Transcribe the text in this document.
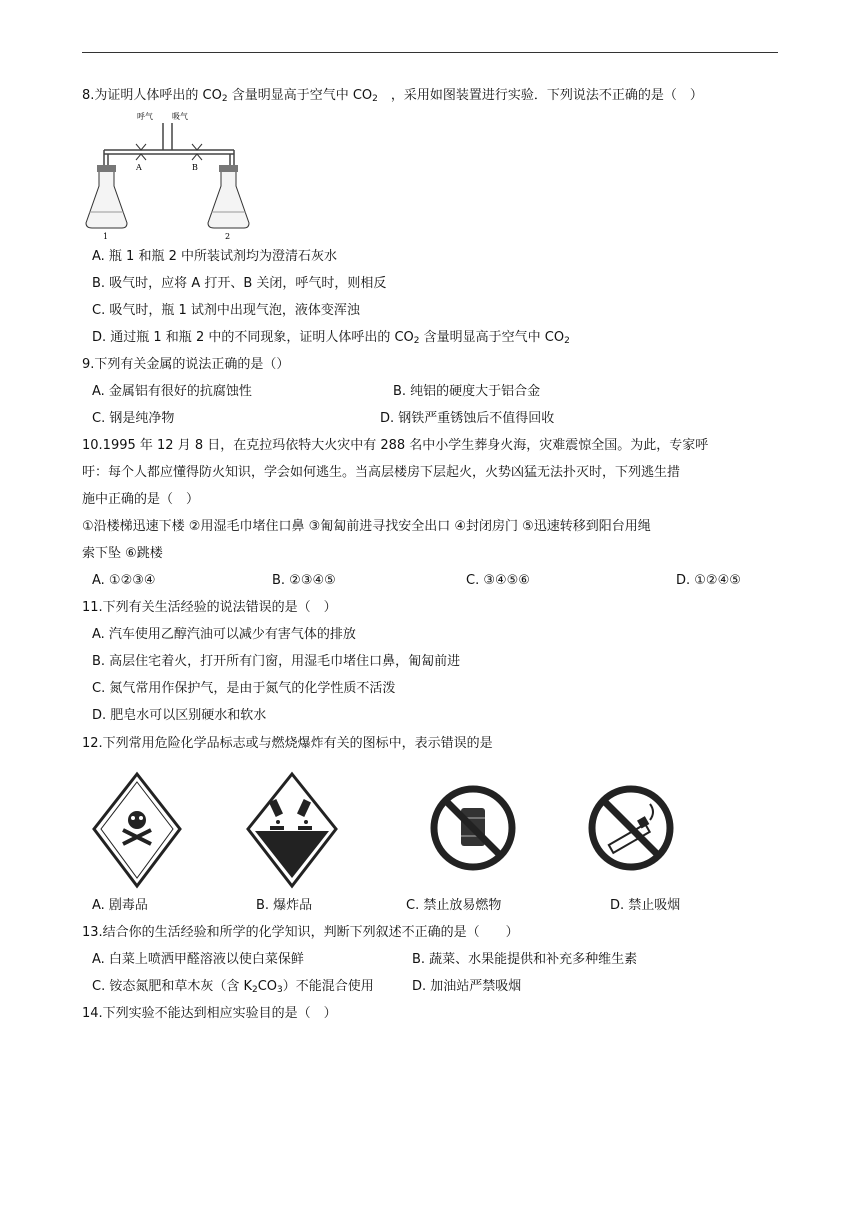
8.为证明人体呼出的 $CO_2$ 含量明显高于空气中 $CO_2$　，采用如图装置进行实验．下列说法不正确的是（　）
呼气 吸气
A	B
1	2
A. 瓶 1 和瓶 2 中所装试剂均为澄清石灰水
B. 吸气时，应将 A 打开、B 关闭，呼气时，则相反
C. 吸气时，瓶 1 试剂中出现气泡，液体变浑浊
D. 通过瓶 1 和瓶 2 中的不同现象，证明人体呼出的 $CO_2$ 含量明显高于空气中 $CO_2$
9.下列有关金属的说法正确的是（）
A. 金属铝有很好的抗腐蚀性	B. 纯铝的硬度大于铝合金
C. 钢是纯净物	D. 钢铁严重锈蚀后不值得回收
10.1995 年 12 月 8 日，在克拉玛依特大火灾中有 288 名中小学生葬身火海，灾难震惊全国。为此，专家呼
吁：每个人都应懂得防火知识，学会如何逃生。当高层楼房下层起火，火势凶猛无法扑灭时，下列逃生措
施中正确的是（　）
①沿楼梯迅速下楼 ②用湿毛巾堵住口鼻 ③匍匐前进寻找安全出口 ④封闭房门 ⑤迅速转移到阳台用绳
索下坠 ⑥跳楼
A. ①②③④	B. ②③④⑤	C. ③④⑤⑥	D. ①②④⑤
11.下列有关生活经验的说法错误的是（　）
A. 汽车使用乙醇汽油可以减少有害气体的排放
B. 高层住宅着火，打开所有门窗，用湿毛巾堵住口鼻，匍匐前进
C. 氮气常用作保护气，是由于氮气的化学性质不活泼
D. 肥皂水可以区别硬水和软水
12.下列常用危险化学品标志或与燃烧爆炸有关的图标中，表示错误的是
A. 剧毒品	B. 爆炸品	C. 禁止放易燃物	D. 禁止吸烟
13.结合你的生活经验和所学的化学知识，判断下列叙述不正确的是（　　）
A. 白菜上喷洒甲醛溶液以使白菜保鲜	B. 蔬菜、水果能提供和补充多种维生素
C. 铵态氮肥和草木灰（含 $K_2CO_3$）不能混合使用	D. 加油站严禁吸烟
14.下列实验不能达到相应实验目的是（　）
